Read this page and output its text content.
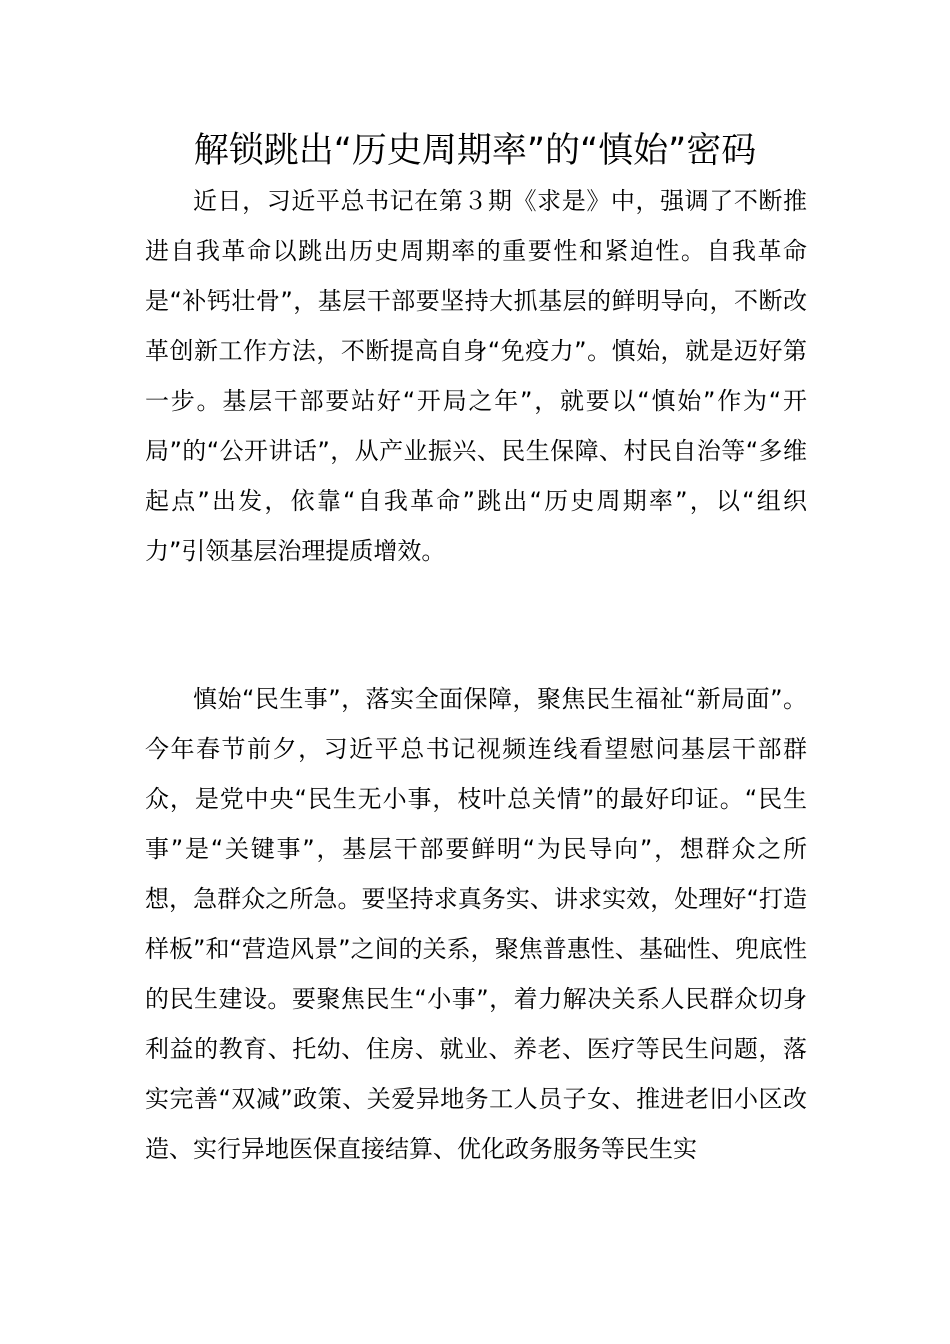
解锁跳出“历史周期率”的“慎始”密码

近日，习近平总书记在第３期《求是》中，强调了不断推进自我革命以跳出历史周期率的重要性和紧迫性。自我革命是“补钙壮骨”，基层干部要坚持大抓基层的鲜明导向，不断改革创新工作方法，不断提高自身“免疫力”。慎始，就是迈好第一步。基层干部要站好“开局之年”，就要以“慎始”作为“开局”的“公开讲话”，从产业振兴、民生保障、村民自治等“多维起点”出发，依靠“自我革命”跳出“历史周期率”，以“组织力”引领基层治理提质增效。

慎始“民生事”，落实全面保障，聚焦民生福祉“新局面”。今年春节前夕，习近平总书记视频连线看望慰问基层干部群众，是党中央“民生无小事，枝叶总关情”的最好印证。“民生事”是“关键事”，基层干部要鲜明“为民导向”，想群众之所想，急群众之所急。要坚持求真务实、讲求实效，处理好“打造样板”和“营造风景”之间的关系，聚焦普惠性、基础性、兜底性的民生建设。要聚焦民生“小事”，着力解决关系人民群众切身利益的教育、托幼、住房、就业、养老、医疗等民生问题，落实完善“双减”政策、关爱异地务工人员子女、推进老旧小区改造、实行异地医保直接结算、优化政务服务等民生实
